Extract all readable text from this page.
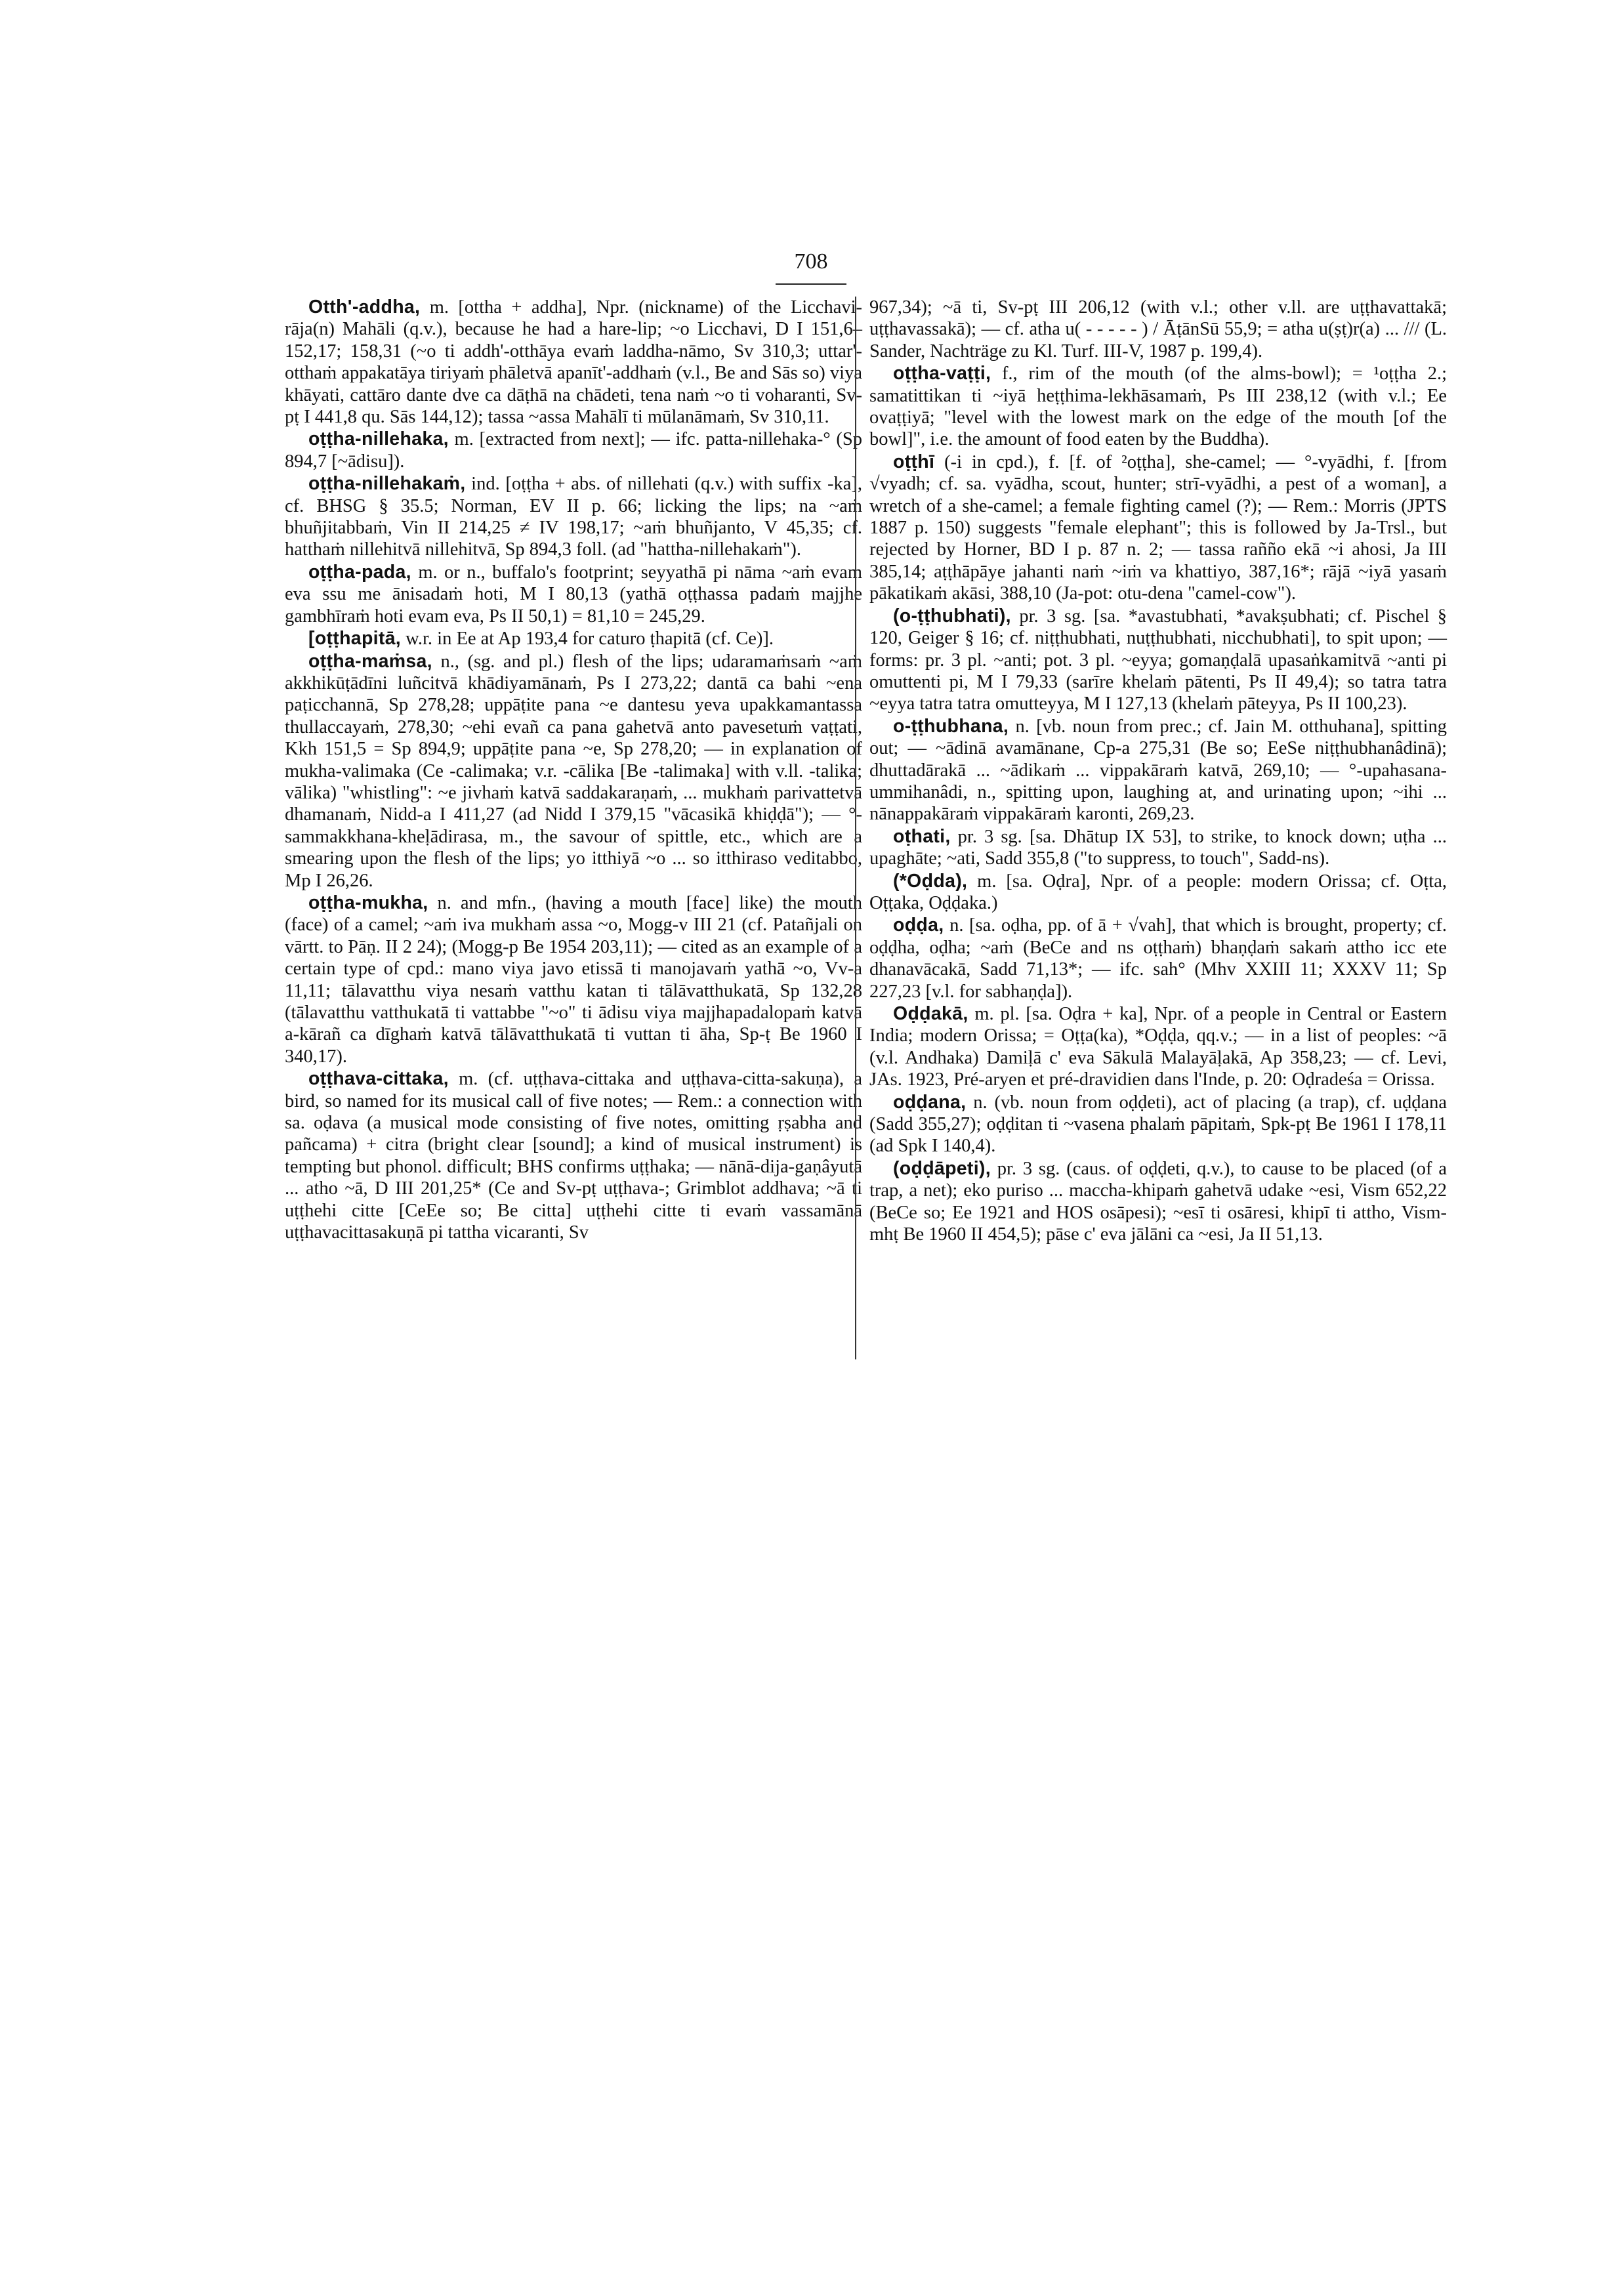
708

Otth'-addha, m. [ottha + addha], Npr. (nickname) of the Licchavi-rāja(n) Mahāli (q.v.), because he had a hare-lip; ~o Licchavi, D I 151,6–152,17; 158,31 (~o ti addh'-otthāya evaṁ laddha-nāmo, Sv 310,3; uttar'-otthaṁ appakatāya tiriyaṁ phāletvā apanīt'-addhaṁ (v.l., Be and Sās so) viya khāyati, cattāro dante dve ca dāṭhā na chādeti, tena naṁ ~o ti voharanti, Sv-pṭ I 441,8 qu. Sās 144,12); tassa ~assa Mahālī ti mūlanāmaṁ, Sv 310,11.

oṭṭha-nillehaka, m. [extracted from next]; — ifc. patta-nillehaka-° (Sp 894,7 [~ādisu]).

oṭṭha-nillehakaṁ, ind. [oṭṭha + abs. of nillehati (q.v.) with suffix -ka], cf. BHSG § 35.5; Norman, EV II p. 66; licking the lips; na ~aṁ bhuñjitabbaṁ, Vin II 214,25 ≠ IV 198,17; ~aṁ bhuñjanto, V 45,35; cf. hatthaṁ nillehitvā nillehitvā, Sp 894,3 foll. (ad "hattha-nillehakaṁ").

oṭṭha-pada, m. or n., buffalo's footprint; seyyathā pi nāma ~aṁ evam eva ssu me ānisadaṁ hoti, M I 80,13 (yathā oṭṭhassa padaṁ majjhe gambhīraṁ hoti evam eva, Ps II 50,1) = 81,10 = 245,29.

[oṭṭhapitā, w.r. in Ee at Ap 193,4 for caturo ṭhapitā (cf. Ce)].

oṭṭha-maṁsa, n., (sg. and pl.) flesh of the lips; udaramaṁsaṁ ~aṁ akkhikūṭādīni luñcitvā khādiyamānaṁ, Ps I 273,22; dantā ca bahi ~ena paṭicchannā, Sp 278,28; uppāṭite pana ~e dantesu yeva upakkamantassa thullaccayaṁ, 278,30; ~ehi evañ ca pana gahetvā anto pavesetuṁ vaṭṭati, Kkh 151,5 = Sp 894,9; uppāṭite pana ~e, Sp 278,20; — in explanation of mukha-valimaka (Ce -calimaka; v.r. -cālika [Be -talimaka] with v.ll. -talika; vālika) "whistling": ~e jivhaṁ katvā saddakaraṇaṁ, ... mukhaṁ parivattetvā dhamanaṁ, Nidd-a I 411,27 (ad Nidd I 379,15 "vācasikā khiḍḍā"); — °-sammakkhana-kheḷādirasa, m., the savour of spittle, etc., which are a smearing upon the flesh of the lips; yo itthiyā ~o ... so itthiraso veditabbo, Mp I 26,26.

oṭṭha-mukha, n. and mfn., (having a mouth [face] like) the mouth (face) of a camel; ~aṁ iva mukhaṁ assa ~o, Mogg-v III 21 (cf. Patañjali on vārtt. to Pāṇ. II 2 24); (Mogg-p Be 1954 203,11); — cited as an example of a certain type of cpd.: mano viya javo etissā ti manojavaṁ yathā ~o, Vv-a 11,11; tālavatthu viya nesaṁ vatthu katan ti tālāvatthukatā, Sp 132,28 (tālavatthu vatthukatā ti vattabbe "~o" ti ādisu viya majjhapadalopaṁ katvā a-kārañ ca dīghaṁ katvā tālāvatthukatā ti vuttan ti āha, Sp-ṭ Be 1960 I 340,17).

oṭṭhava-cittaka, m. (cf. uṭṭhava-cittaka and uṭṭhava-citta-sakuṇa), a bird, so named for its musical call of five notes; — Rem.: a connection with sa. oḍava (a musical mode consisting of five notes, omitting ṛṣabha and pañcama) + citra (bright clear [sound]; a kind of musical instrument) is tempting but phonol. difficult; BHS confirms uṭṭhaka; — nānā-dija-gaṇâyutā ... atho ~ā, D III 201,25* (Ce and Sv-pṭ uṭṭhava-; Grimblot addhava; ~ā ti uṭṭhehi citte [CeEe so; Be citta] uṭṭhehi citte ti evaṁ vassamānā uṭṭhavacittasakuṇā pi tattha vicaranti, Sv

967,34); ~ā ti, Sv-pṭ III 206,12 (with v.l.; other v.ll. are uṭṭhavattakā; uṭṭhavassakā); — cf. atha u( - - - - - ) / ĀṭānSū 55,9; = atha u(ṣṭ)r(a) ... /// (L. Sander, Nachträge zu Kl. Turf. III-V, 1987 p. 199,4).

oṭṭha-vaṭṭi, f., rim of the mouth (of the alms-bowl); = ¹oṭṭha 2.; samatittikan ti ~iyā heṭṭhima-lekhāsamaṁ, Ps III 238,12 (with v.l.; Ee ovaṭṭiyā; "level with the lowest mark on the edge of the mouth [of the bowl]", i.e. the amount of food eaten by the Buddha).

oṭṭhī (-i in cpd.), f. [f. of ²oṭṭha], she-camel; — °-vyādhi, f. [from √vyadh; cf. sa. vyādha, scout, hunter; strī-vyādhi, a pest of a woman], a wretch of a she-camel; a female fighting camel (?); — Rem.: Morris (JPTS 1887 p. 150) suggests "female elephant"; this is followed by Ja-Trsl., but rejected by Horner, BD I p. 87 n. 2; — tassa rañño ekā ~i ahosi, Ja III 385,14; aṭṭhāpāye jahanti naṁ ~iṁ va khattiyo, 387,16*; rājā ~iyā yasaṁ pākatikaṁ akāsi, 388,10 (Ja-pot: otu-dena "camel-cow").

(o-ṭṭhubhati), pr. 3 sg. [sa. *avastubhati, *avakṣubhati; cf. Pischel § 120, Geiger § 16; cf. niṭṭhubhati, nuṭṭhubhati, nicchubhati], to spit upon; — forms: pr. 3 pl. ~anti; pot. 3 pl. ~eyya; gomaṇḍalā upasaṅkamitvā ~anti pi omuttenti pi, M I 79,33 (sarīre khelaṁ pātenti, Ps II 49,4); so tatra tatra ~eyya tatra tatra omutteyya, M I 127,13 (khelaṁ pāteyya, Ps II 100,23).

o-ṭṭhubhana, n. [vb. noun from prec.; cf. Jain M. otthuhana], spitting out; — ~ādinā avamānane, Cp-a 275,31 (Be so; EeSe niṭṭhubhanâdinā); dhuttadārakā ... ~ādikaṁ ... vippakāraṁ katvā, 269,10; — °-upahasana-ummihanâdi, n., spitting upon, laughing at, and urinating upon; ~ihi ... nānappakāraṁ vippakāraṁ karonti, 269,23.

oṭhati, pr. 3 sg. [sa. Dhātup IX 53], to strike, to knock down; uṭha ... upaghāte; ~ati, Sadd 355,8 ("to suppress, to touch", Sadd-ns).

(*Oḍda), m. [sa. Oḍra], Npr. of a people: modern Orissa; cf. Oṭta, Oṭṭaka, Oḍḍaka.)

oḍḍa, n. [sa. oḍha, pp. of ā + √vah], that which is brought, property; cf. oḍḍha, oḍha; ~aṁ (BeCe and ns oṭṭhaṁ) bhaṇḍaṁ sakaṁ attho icc ete dhanavācakā, Sadd 71,13*; — ifc. sah° (Mhv XXIII 11; XXXV 11; Sp 227,23 [v.l. for sabhaṇḍa]).

Oḍḍakā, m. pl. [sa. Oḍra + ka], Npr. of a people in Central or Eastern India; modern Orissa; = Oṭṭa(ka), *Oḍḍa, qq.v.; — in a list of peoples: ~ā (v.l. Andhaka) Damiḷā c' eva Sākulā Malayāḷakā, Ap 358,23; — cf. Levi, JAs. 1923, Pré-aryen et pré-dravidien dans l'Inde, p. 20: Oḍradeśa = Orissa.

oḍḍana, n. (vb. noun from oḍḍeti), act of placing (a trap), cf. uḍḍana (Sadd 355,27); oḍḍitan ti ~vasena phalaṁ pāpitaṁ, Spk-pṭ Be 1961 I 178,11 (ad Spk I 140,4).

(oḍḍāpeti), pr. 3 sg. (caus. of oḍḍeti, q.v.), to cause to be placed (of a trap, a net); eko puriso ... maccha-khipaṁ gahetvā udake ~esi, Vism 652,22 (BeCe so; Ee 1921 and HOS osāpesi); ~esī ti osāresi, khipī ti attho, Vism-mhṭ Be 1960 II 454,5); pāse c' eva jālāni ca ~esi, Ja II 51,13.
